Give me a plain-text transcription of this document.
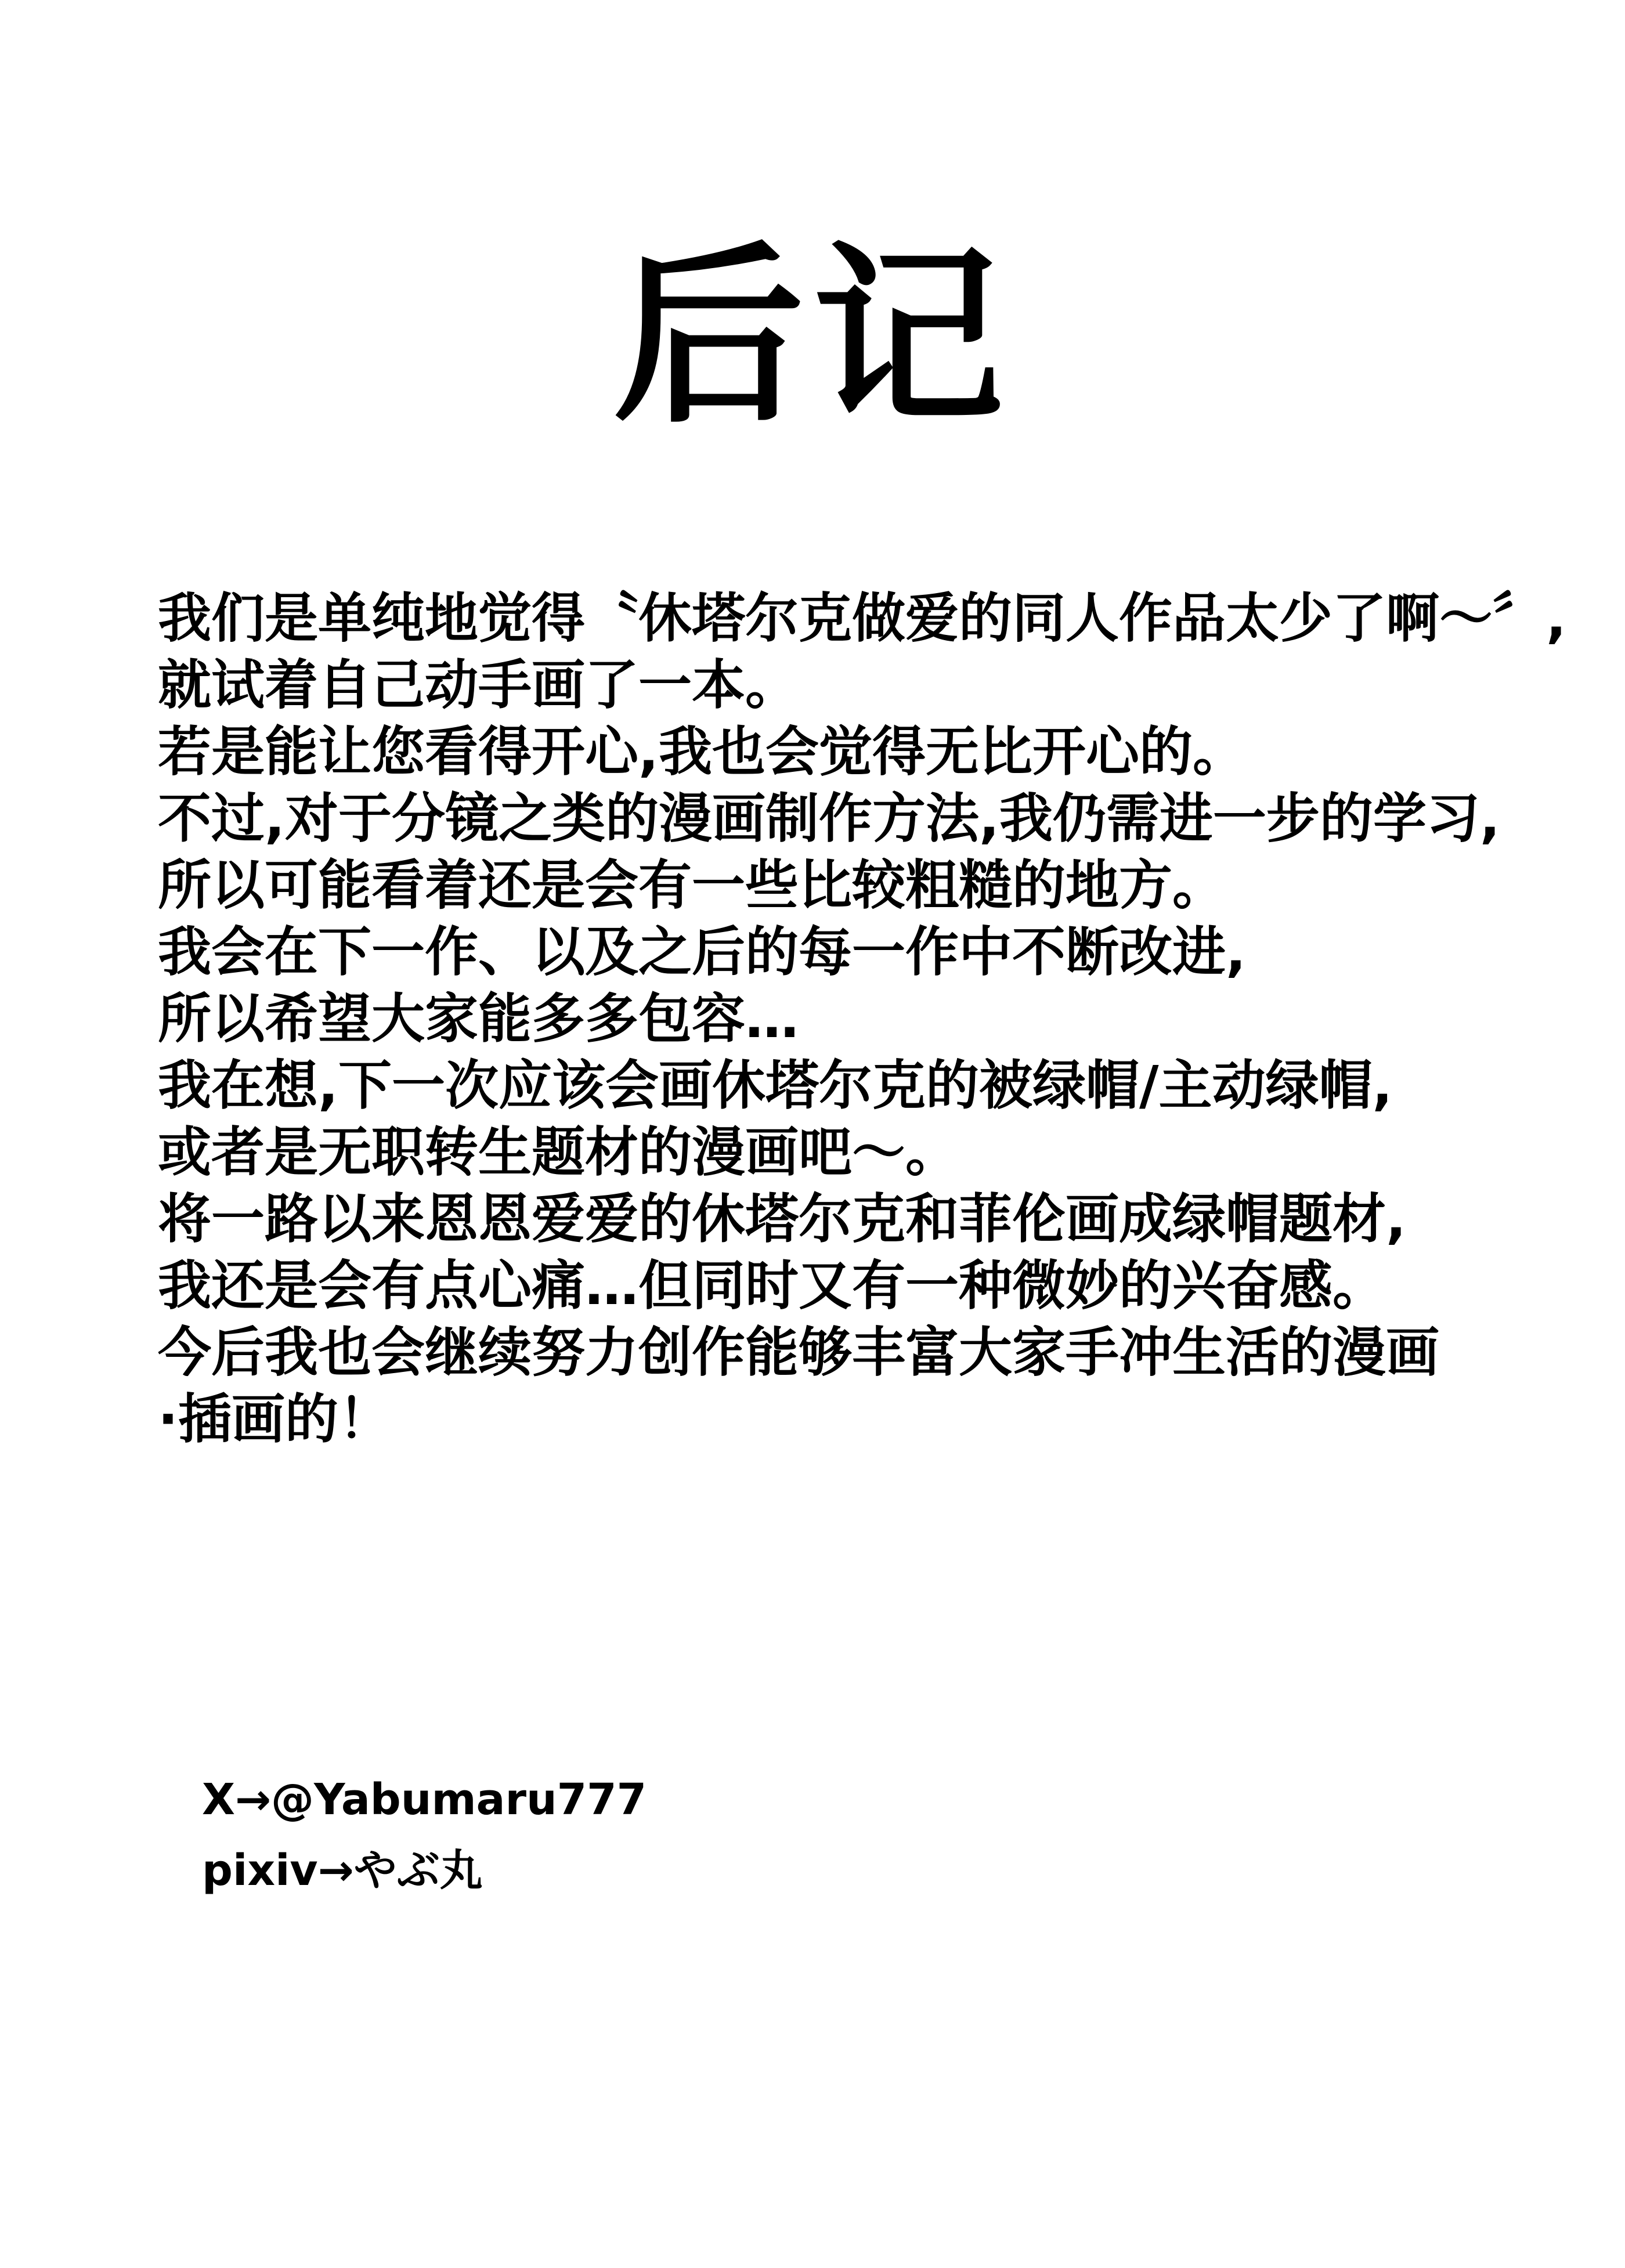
后记
我们是单纯地觉得〝休塔尔克做爱的同人作品太少了啊〜〞,
就试着自己动手画了一本。
若是能让您看得开心,我也会觉得无比开心的。
不过,对于分镜之类的漫画制作方法,我仍需进一步的学习,
所以可能看着还是会有一些比较粗糙的地方。
我会在下一作、以及之后的每一作中不断改进,
所以希望大家能多多包容…
我在想,下一次应该会画休塔尔克的被绿帽/主动绿帽,
或者是无职转生题材的漫画吧〜。
将一路以来恩恩爱爱的休塔尔克和菲伦画成绿帽题材,
我还是会有点心痛…但同时又有一种微妙的兴奋感。
今后我也会继续努力创作能够丰富大家手冲生活的漫画
·插画的！
X→@Yabumaru777
pixiv→やぶ丸
